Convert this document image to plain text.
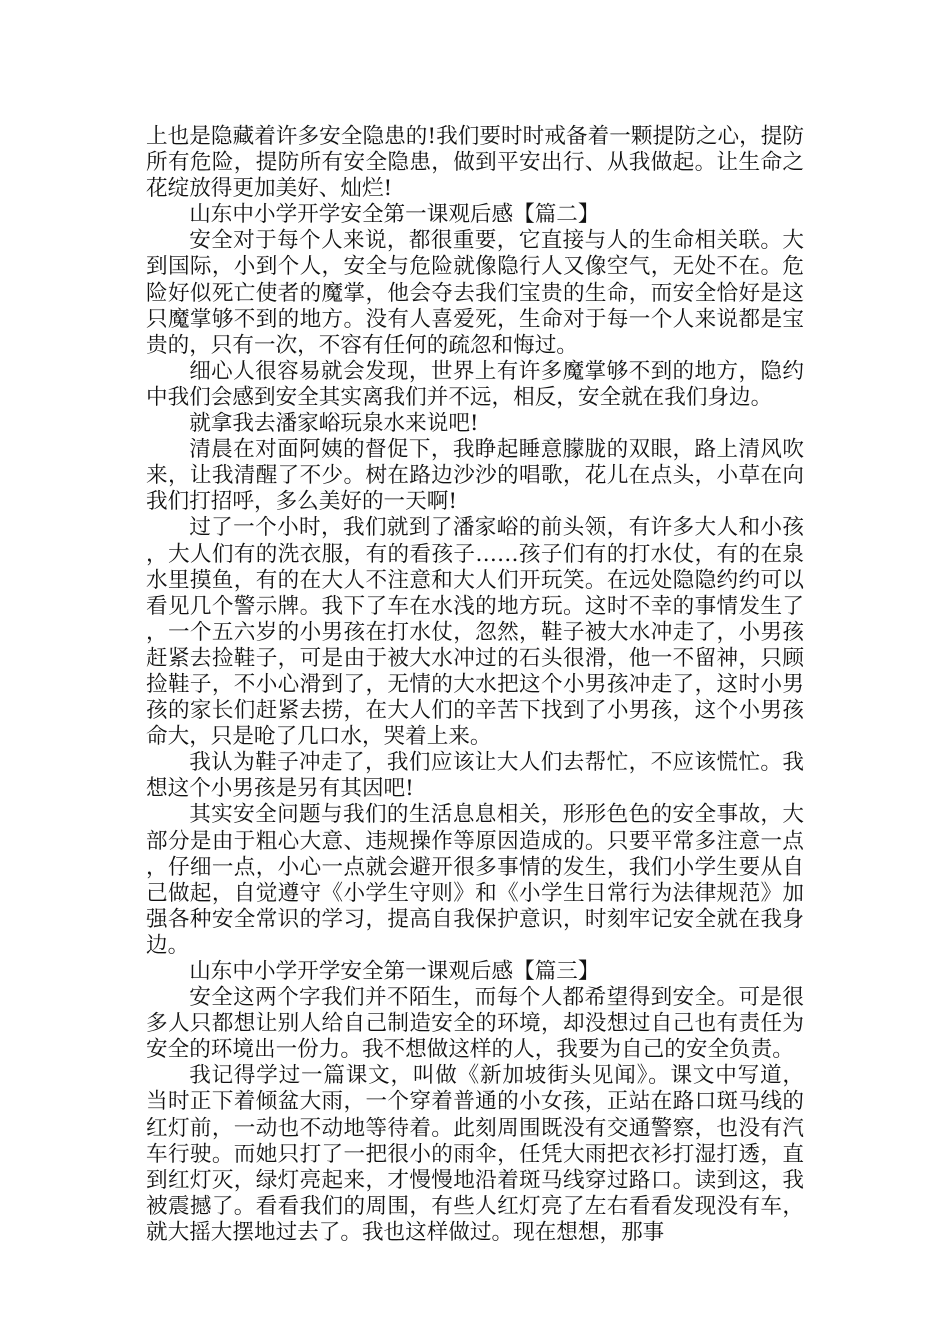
上也是隐藏着许多安全隐患的!我们要时时戒备着一颗提防之心，提防所有危险，提防所有安全隐患，做到平安出行、从我做起。让生命之花绽放得更加美好、灿烂!

山东中小学开学安全第一课观后感【篇二】

安全对于每个人来说，都很重要，它直接与人的生命相关联。大到国际，小到个人，安全与危险就像隐行人又像空气，无处不在。危险好似死亡使者的魔掌，他会夺去我们宝贵的生命，而安全恰好是这只魔掌够不到的地方。没有人喜爱死，生命对于每一个人来说都是宝贵的，只有一次，不容有任何的疏忽和悔过。

细心人很容易就会发现，世界上有许多魔掌够不到的地方，隐约中我们会感到安全其实离我们并不远，相反，安全就在我们身边。

就拿我去潘家峪玩泉水来说吧!

清晨在对面阿姨的督促下，我睁起睡意朦胧的双眼，路上清风吹来，让我清醒了不少。树在路边沙沙的唱歌，花儿在点头，小草在向我们打招呼，多么美好的一天啊!

过了一个小时，我们就到了潘家峪的前头领，有许多大人和小孩，大人们有的洗衣服，有的看孩子……孩子们有的打水仗，有的在泉水里摸鱼，有的在大人不注意和大人们开玩笑。在远处隐隐约约可以看见几个警示牌。我下了车在水浅的地方玩。这时不幸的事情发生了，一个五六岁的小男孩在打水仗，忽然，鞋子被大水冲走了，小男孩赶紧去捡鞋子，可是由于被大水冲过的石头很滑，他一不留神，只顾捡鞋子，不小心滑到了，无情的大水把这个小男孩冲走了，这时小男孩的家长们赶紧去捞，在大人们的辛苦下找到了小男孩，这个小男孩命大，只是呛了几口水，哭着上来。

我认为鞋子冲走了，我们应该让大人们去帮忙，不应该慌忙。我想这个小男孩是另有其因吧!

其实安全问题与我们的生活息息相关，形形色色的安全事故，大部分是由于粗心大意、违规操作等原因造成的。只要平常多注意一点，仔细一点，小心一点就会避开很多事情的发生，我们小学生要从自己做起，自觉遵守《小学生守则》和《小学生日常行为法律规范》加强各种安全常识的学习，提高自我保护意识，时刻牢记安全就在我身边。

山东中小学开学安全第一课观后感【篇三】

安全这两个字我们并不陌生，而每个人都希望得到安全。可是很多人只都想让别人给自己制造安全的环境，却没想过自己也有责任为安全的环境出一份力。我不想做这样的人，我要为自己的安全负责。

我记得学过一篇课文，叫做《新加坡街头见闻》。课文中写道，当时正下着倾盆大雨，一个穿着普通的小女孩，正站在路口斑马线的红灯前，一动也不动地等待着。此刻周围既没有交通警察，也没有汽车行驶。而她只打了一把很小的雨伞，任凭大雨把衣衫打湿打透，直到红灯灭，绿灯亮起来，才慢慢地沿着斑马线穿过路口。读到这，我被震撼了。看看我们的周围，有些人红灯亮了左右看看发现没有车，就大摇大摆地过去了。我也这样做过。现在想想，那事
